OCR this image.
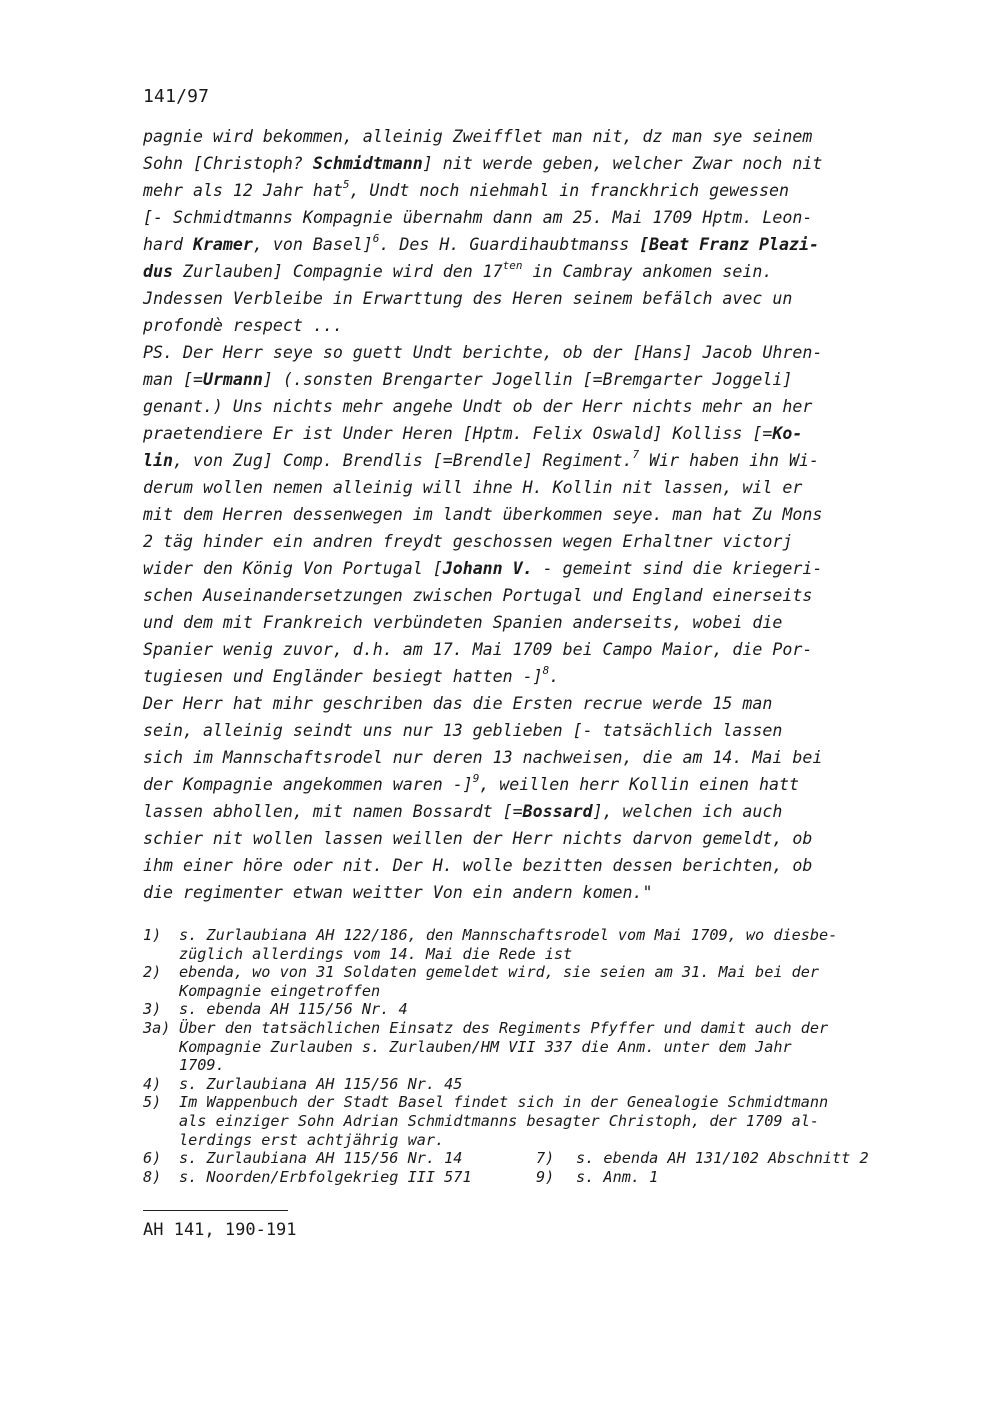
141/97
pagnie wird bekommen, alleinig Zweifflet man nit, dz man sye seinem
Sohn [Christoph? Schmidtmann] nit werde geben, welcher Zwar noch nit
mehr als 12 Jahr hat$^5$, Undt noch niehmahl in franckhrich gewessen
[- Schmidtmanns Kompagnie übernahm dann am 25. Mai 1709 Hptm. Leon-
hard Kramer, von Basel]$^6$. Des H. Guardihaubtmanss [Beat Franz Plazi-
dus Zurlauben] Compagnie wird den $17^{ten}$ in Cambray ankomen sein.
Jndessen Verbleibe in Erwarttung des Heren seinem befälch avec un
profondè respect ...
PS. Der Herr seye so guett Undt berichte, ob der [Hans] Jacob Uhren-
man [=Urmann] (.sonsten Brengarter Jogellin [=Bremgarter Joggeli]
genant.) Uns nichts mehr angehe Undt ob der Herr nichts mehr an her
praetendiere Er ist Under Heren [Hptm. Felix Oswald] Kolliss [=Ko-
lin, von Zug] Comp. Brendlis [=Brendle] Regiment.$^7$ Wir haben ihn Wi-
derum wollen nemen alleinig will ihne H. Kollin nit lassen, wil er
mit dem Herren dessenwegen im landt überkommen seye. man hat Zu Mons
2 täg hinder ein andren freydt geschossen wegen Erhaltner victorj
wider den König Von Portugal [Johann V. - gemeint sind die kriegeri-
schen Auseinandersetzungen zwischen Portugal und England einerseits
und dem mit Frankreich verbündeten Spanien anderseits, wobei die
Spanier wenig zuvor, d.h. am 17. Mai 1709 bei Campo Maior, die Por-
tugiesen und Engländer besiegt hatten -]$^8$.
Der Herr hat mihr geschriben das die Ersten recrue werde 15 man
sein, alleinig seindt uns nur 13 geblieben [- tatsächlich lassen
sich im Mannschaftsrodel nur deren 13 nachweisen, die am 14. Mai bei
der Kompagnie angekommen waren -]$^9$, weillen herr Kollin einen hatt
lassen abhollen, mit namen Bossardt [=Bossard], welchen ich auch
schier nit wollen lassen weillen der Herr nichts darvon gemeldt, ob
ihm einer höre oder nit. Der H. wolle bezitten dessen berichten, ob
die regimenter etwan weitter Von ein andern komen."
1) s. Zurlaubiana AH 122/186, den Mannschaftsrodel vom Mai 1709, wo diesbe-
züglich allerdings vom 14. Mai die Rede ist
2) ebenda, wo von 31 Soldaten gemeldet wird, sie seien am 31. Mai bei der
Kompagnie eingetroffen
3) s. ebenda AH 115/56 Nr. 4
3a) Über den tatsächlichen Einsatz des Regiments Pfyffer und damit auch der
Kompagnie Zurlauben s. Zurlauben/HM VII 337 die Anm. unter dem Jahr
1709.
4) s. Zurlaubiana AH 115/56 Nr. 45
5) Im Wappenbuch der Stadt Basel findet sich in der Genealogie Schmidtmann
als einziger Sohn Adrian Schmidtmanns besagter Christoph, der 1709 al-
lerdings erst achtjährig war.
6) s. Zurlaubiana AH 115/56 Nr. 14	7) s. ebenda AH 131/102 Abschnitt 2
8) s. Noorden/Erbfolgekrieg III 571	9) s. Anm. 1
AH 141, 190-191
